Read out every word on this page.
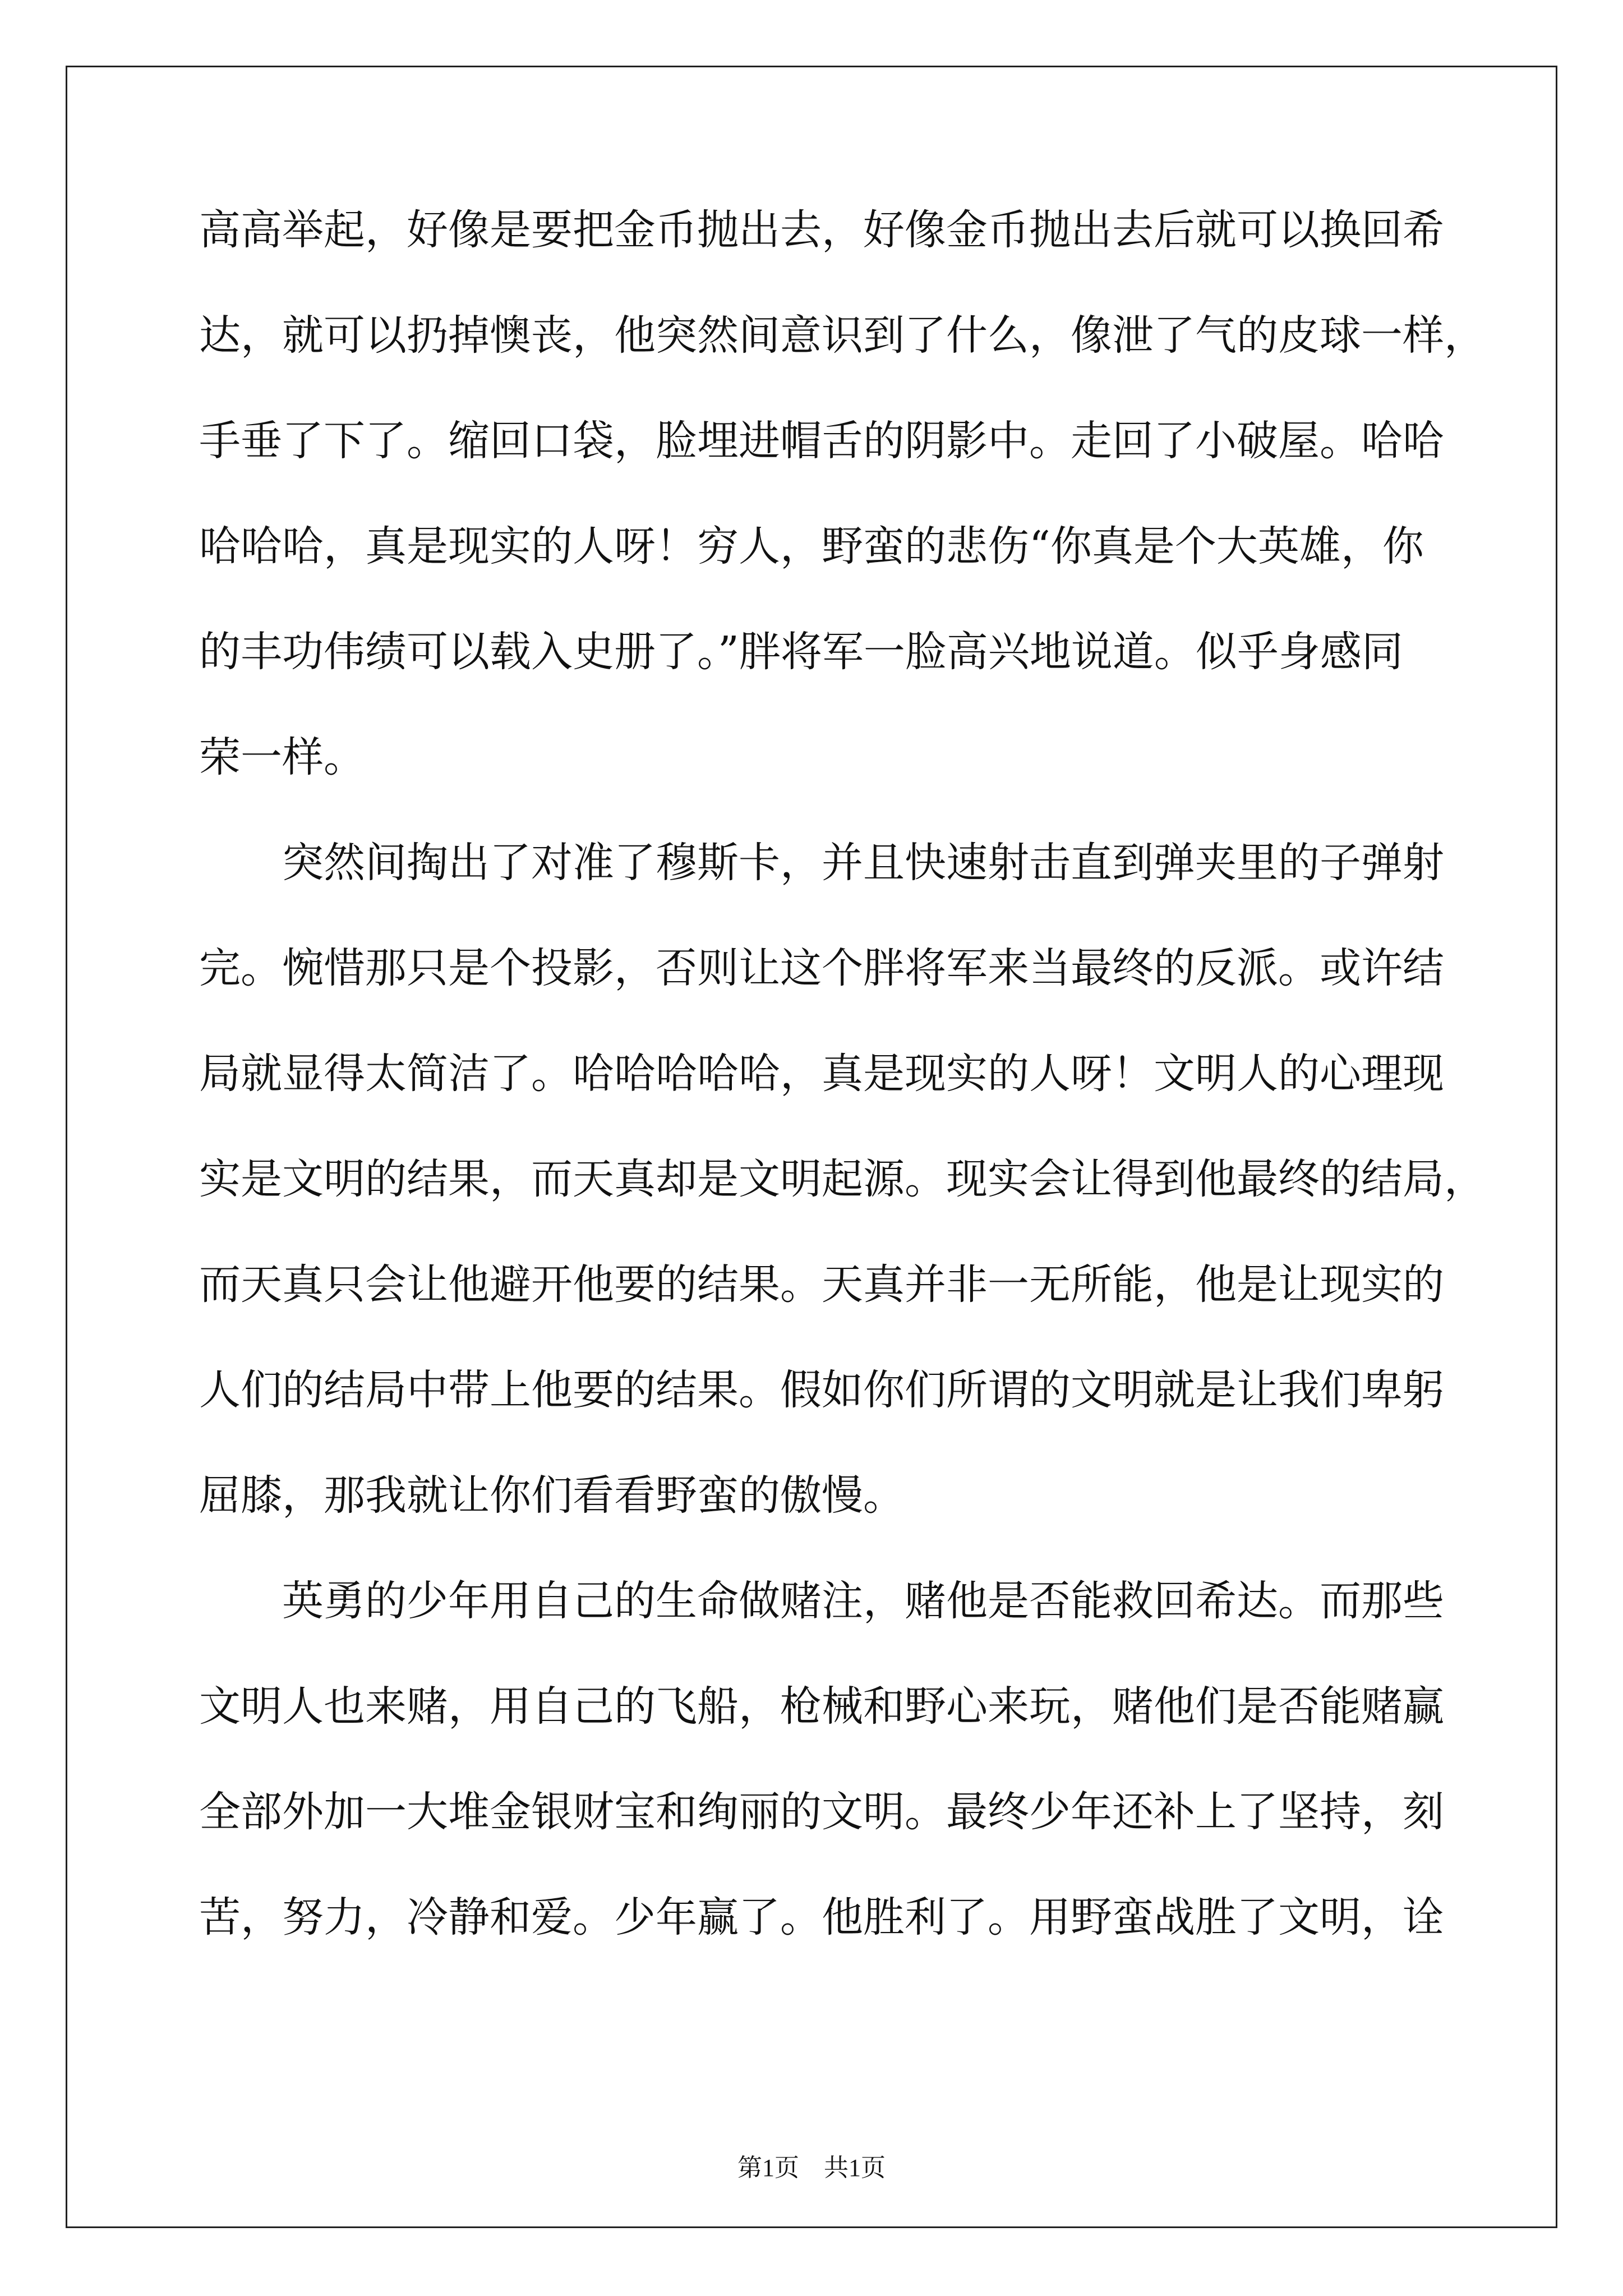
高高举起，好像是要把金币抛出去，好像金币抛出去后就可以换回希
达，就可以扔掉懊丧，他突然间意识到了什么，像泄了气的皮球一样，
手垂了下了。缩回口袋，脸埋进帽舌的阴影中。走回了小破屋。哈哈
哈哈哈，真是现实的人呀！穷人，野蛮的悲伤“你真是个大英雄，你
的丰功伟绩可以载入史册了。”胖将军一脸高兴地说道。似乎身感同
荣一样。
　　突然间掏出了对准了穆斯卡，并且快速射击直到弹夹里的子弹射
完。惋惜那只是个投影，否则让这个胖将军来当最终的反派。或许结
局就显得太简洁了。哈哈哈哈哈，真是现实的人呀！文明人的心理现
实是文明的结果，而天真却是文明起源。现实会让得到他最终的结局，
而天真只会让他避开他要的结果。天真并非一无所能，他是让现实的
人们的结局中带上他要的结果。假如你们所谓的文明就是让我们卑躬
屈膝，那我就让你们看看野蛮的傲慢。
　　英勇的少年用自己的生命做赌注，赌他是否能救回希达。而那些
文明人也来赌，用自己的飞船，枪械和野心来玩，赌他们是否能赌赢
全部外加一大堆金银财宝和绚丽的文明。最终少年还补上了坚持，刻
苦，努力，冷静和爱。少年赢了。他胜利了。用野蛮战胜了文明，诠
第1页　共1页
